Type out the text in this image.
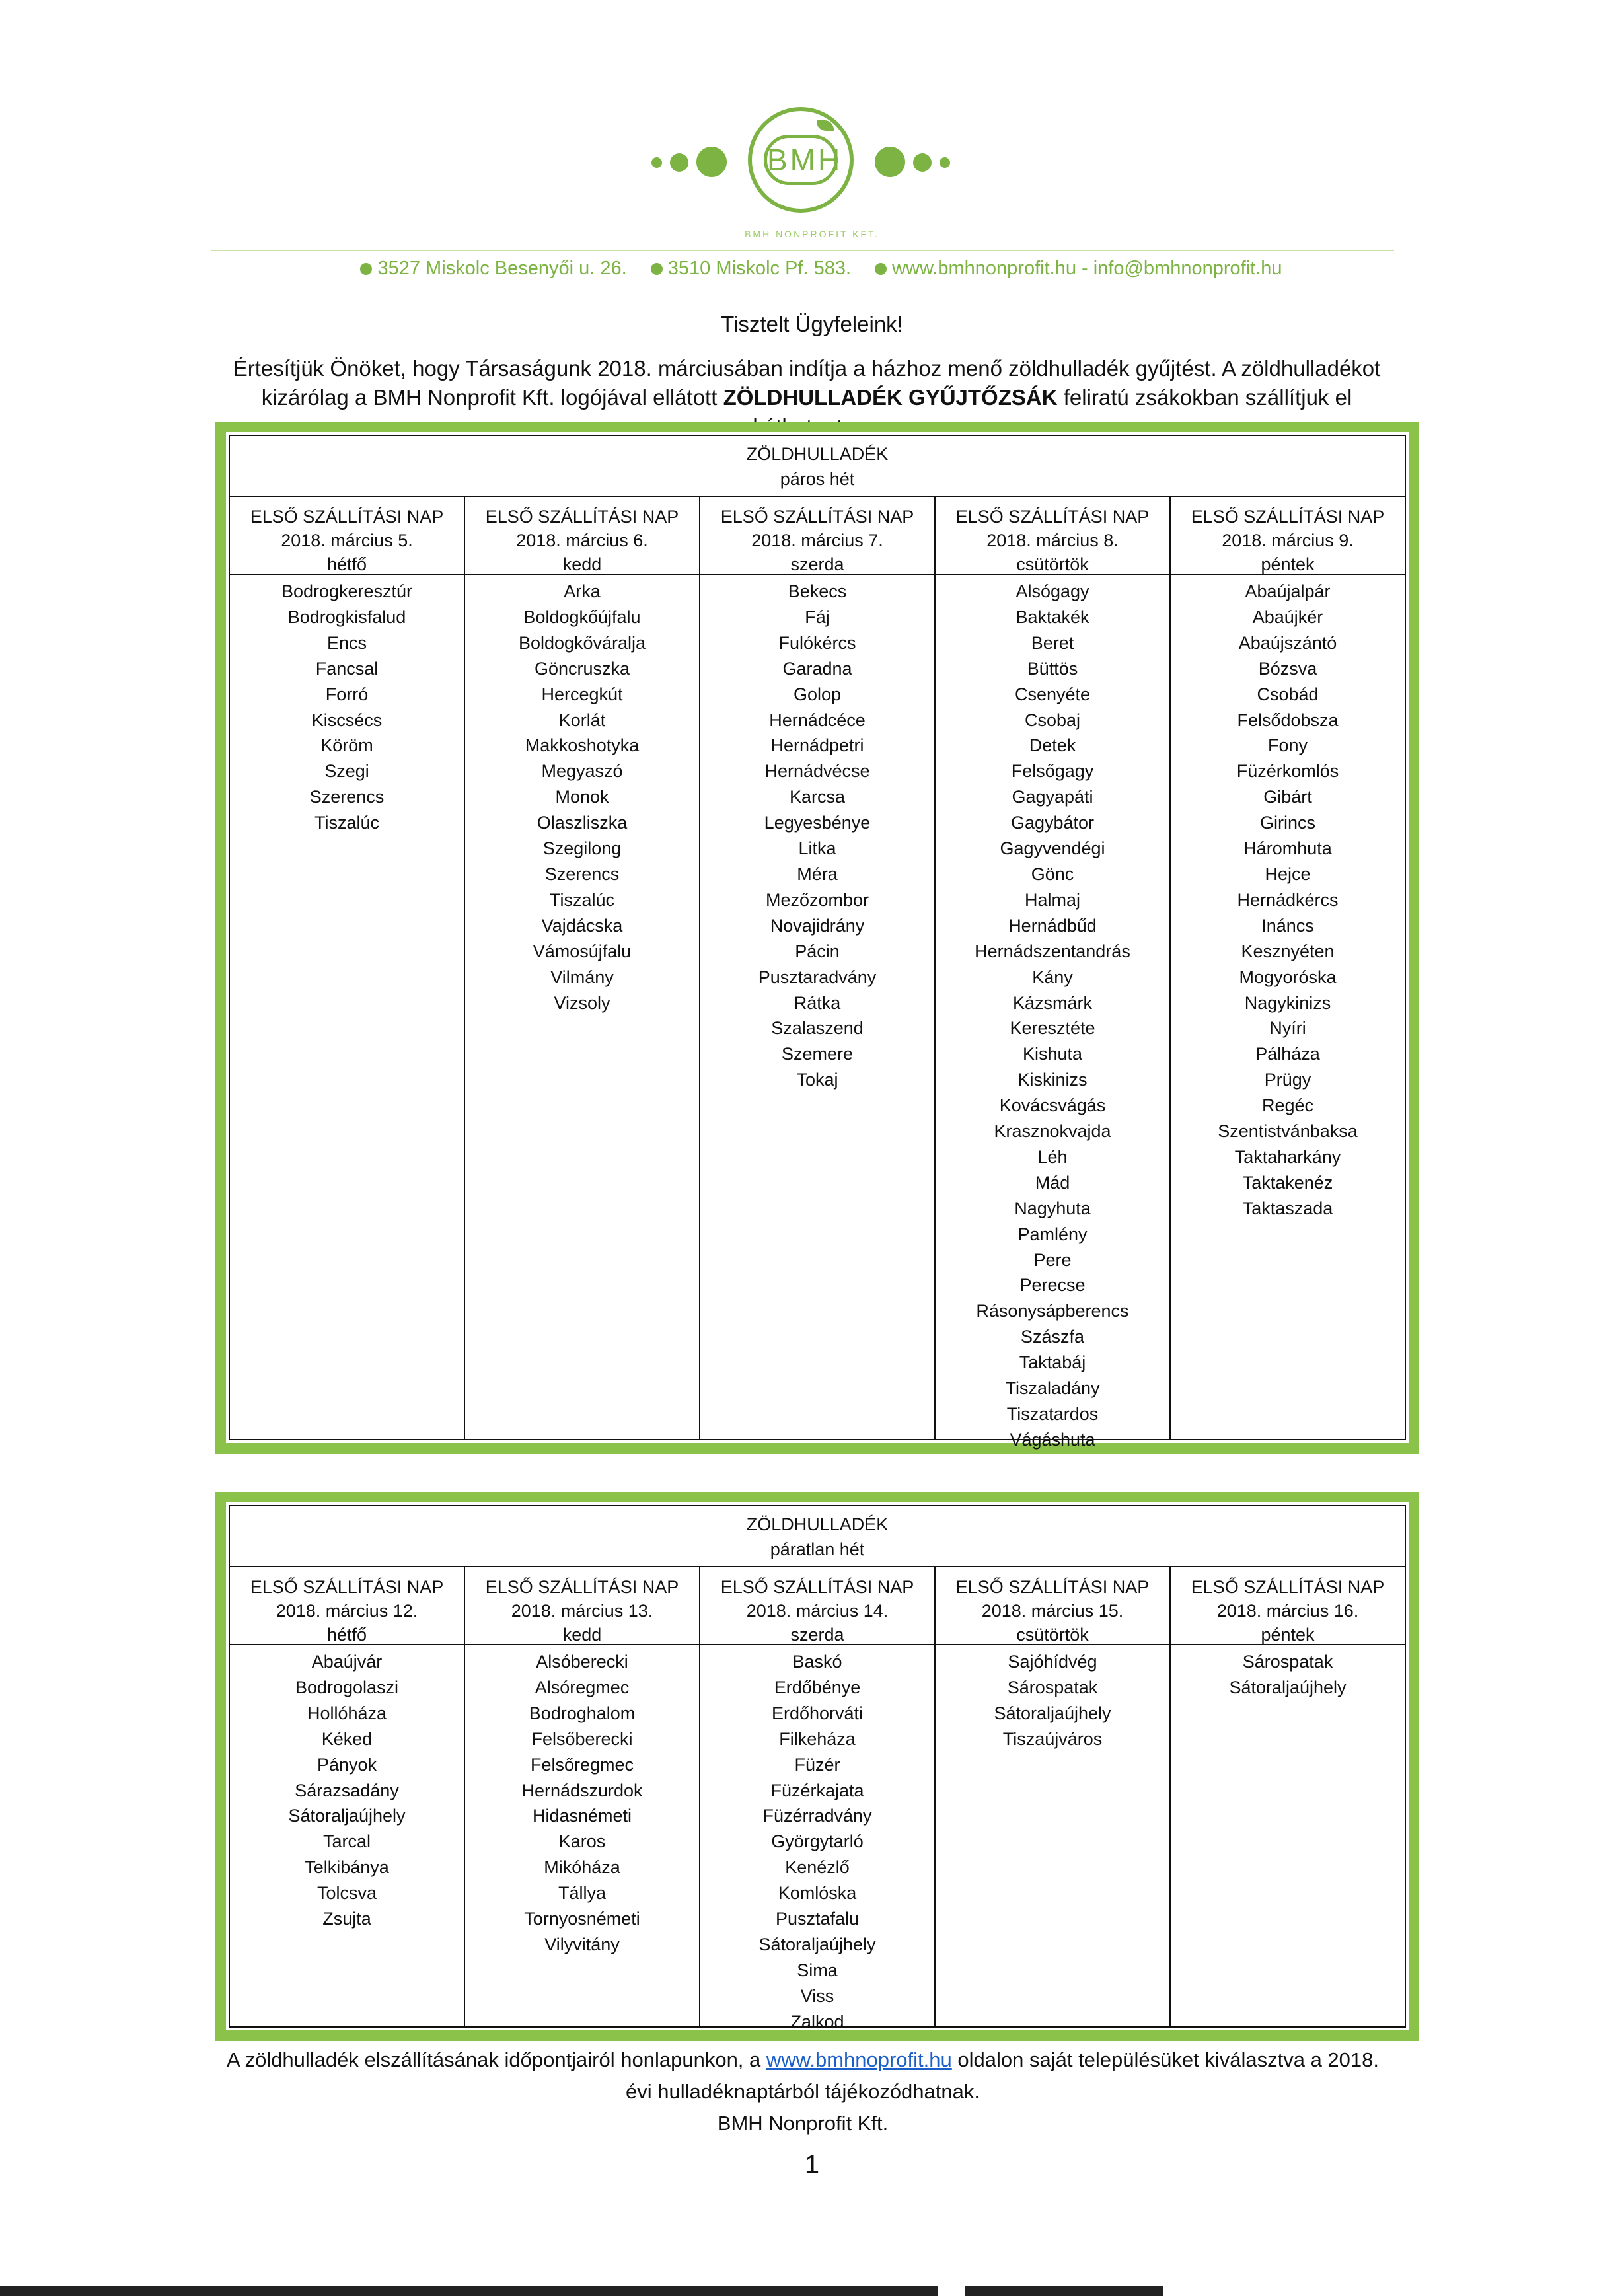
BMH
BMH NONPROFIT KFT.
3527 Miskolc Besenyői u. 26. 3510 Miskolc Pf. 583. www.bmhnonprofit.hu - info@bmhnonprofit.hu
Tisztelt Ügyfeleink!
Értesítjük Önöket, hogy Társaságunk 2018. márciusában indítja a házhoz menő zöldhulladék gyűjtést. A zöldhulladékot kizárólag a BMH Nonprofit Kft. logójával ellátott ZÖLDHULLADÉK GYŰJTŐZSÁK feliratú zsákokban szállítjuk el
ZÖLDHULLADÉK
páros hét
ELSŐ SZÁLLÍTÁSI NAP
2018. március 5.
hétfő
Bodrogkeresztúr
Bodrogkisfalud
Encs
Fancsal
Forró
Kiscsécs
Köröm
Szegi
Szerencs
Tiszalúc
ELSŐ SZÁLLÍTÁSI NAP
2018. március 6.
kedd
Arka
Boldogkőújfalu
Boldogkőváralja
Göncruszka
Hercegkút
Korlát
Makkoshotyka
Megyaszó
Monok
Olaszliszka
Szegilong
Szerencs
Tiszalúc
Vajdácska
Vámosújfalu
Vilmány
Vizsoly
ELSŐ SZÁLLÍTÁSI NAP
2018. március 7.
szerda
Bekecs
Fáj
Fulókércs
Garadna
Golop
Hernádcéce
Hernádpetri
Hernádvécse
Karcsa
Legyesbénye
Litka
Méra
Mezőzombor
Novajidrány
Pácin
Pusztaradvány
Rátka
Szalaszend
Szemere
Tokaj
ELSŐ SZÁLLÍTÁSI NAP
2018. március 8.
csütörtök
Alsógagy
Baktakék
Beret
Büttös
Csenyéte
Csobaj
Detek
Felsőgagy
Gagyapáti
Gagybátor
Gagyvendégi
Gönc
Halmaj
Hernádbűd
Hernádszentandrás
Kány
Kázsmárk
Keresztéte
Kishuta
Kiskinizs
Kovácsvágás
Krasznokvajda
Léh
Mád
Nagyhuta
Pamlény
Pere
Perecse
Rásonysápberencs
Szászfa
Taktabáj
Tiszaladány
Tiszatardos
Vágáshuta
ELSŐ SZÁLLÍTÁSI NAP
2018. március 9.
péntek
Abaújalpár
Abaújkér
Abaújszántó
Bózsva
Csobád
Felsődobsza
Fony
Füzérkomlós
Gibárt
Girincs
Háromhuta
Hejce
Hernádkércs
Ináncs
Kesznyéten
Mogyoróska
Nagykinizs
Nyíri
Pálháza
Prügy
Regéc
Szentistvánbaksa
Taktaharkány
Taktakenéz
Taktaszada
ZÖLDHULLADÉK
páratlan hét
ELSŐ SZÁLLÍTÁSI NAP
2018. március 12.
hétfő
Abaújvár
Bodrogolaszi
Hollóháza
Kéked
Pányok
Sárazsadány
Sátoraljaújhely
Tarcal
Telkibánya
Tolcsva
Zsujta
ELSŐ SZÁLLÍTÁSI NAP
2018. március 13.
kedd
Alsóberecki
Alsóregmec
Bodroghalom
Felsőberecki
Felsőregmec
Hernádszurdok
Hidasnémeti
Karos
Mikóháza
Tállya
Tornyosnémeti
Vilyvitány
ELSŐ SZÁLLÍTÁSI NAP
2018. március 14.
szerda
Baskó
Erdőbénye
Erdőhorváti
Filkeháza
Füzér
Füzérkajata
Füzérradvány
Györgytarló
Kenézlő
Komlóska
Pusztafalu
Sátoraljaújhely
Sima
Viss
Zalkod
ELSŐ SZÁLLÍTÁSI NAP
2018. március 15.
csütörtök
Sajóhídvég
Sárospatak
Sátoraljaújhely
Tiszaújváros
ELSŐ SZÁLLÍTÁSI NAP
2018. március 16.
péntek
Sárospatak
Sátoraljaújhely
A zöldhulladék elszállításának időpontjairól honlapunkon, a www.bmhnoprofit.hu oldalon saját településüket kiválasztva a 2018. évi hulladéknaptárból tájékozódhatnak.
BMH Nonprofit Kft.
1
